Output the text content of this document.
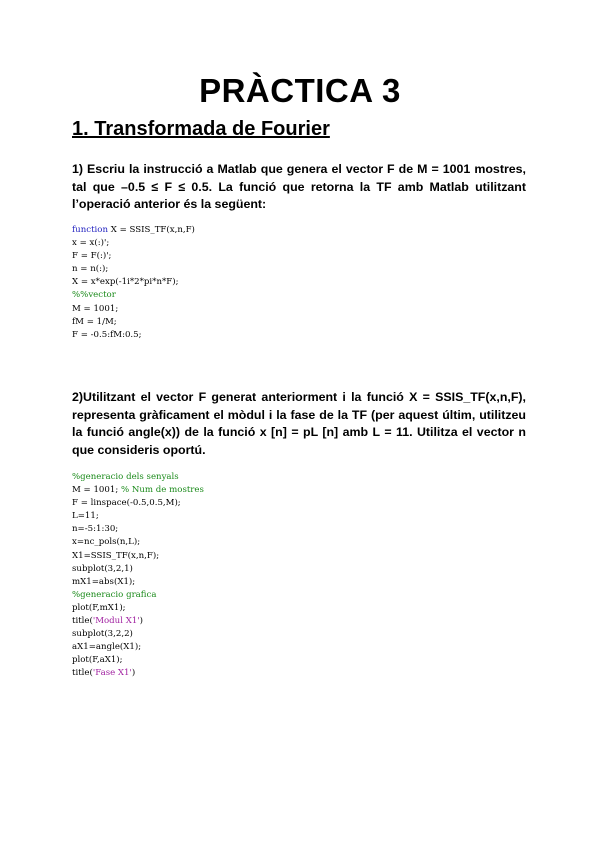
PRÀCTICA 3
1. Transformada de Fourier

1) Escriu la instrucció a Matlab que genera el vector F de M = 1001 mostres, tal que –0.5 ≤ F ≤ 0.5. La funció que retorna la TF amb Matlab utilitzant l’operació anterior és la següent:

function X = SSIS_TF(x,n,F)
x = x(:)';
F = F(:)';
n = n(:);
X = x*exp(-1i*2*pi*n*F);
%%vector
M = 1001;
fM = 1/M;
F = -0.5:fM:0.5;

2)Utilitzant el vector F generat anteriorment i la funció X = SSIS_TF(x,n,F), representa gràficament el mòdul i la fase de la TF (per aquest últim, utilitzeu la funció angle(x)) de la funció x [n] = pL [n] amb L = 11. Utilitza el vector n que consideris oportú.

%generacio dels senyals
M = 1001; % Num de mostres
F = linspace(-0.5,0.5,M);
L=11;
n=-5:1:30;
x=nc_pols(n,L);
X1=SSIS_TF(x,n,F);
subplot(3,2,1)
mX1=abs(X1);
%generacio grafica
plot(F,mX1);
title('Modul X1')
subplot(3,2,2)
aX1=angle(X1);
plot(F,aX1);
title('Fase X1')
